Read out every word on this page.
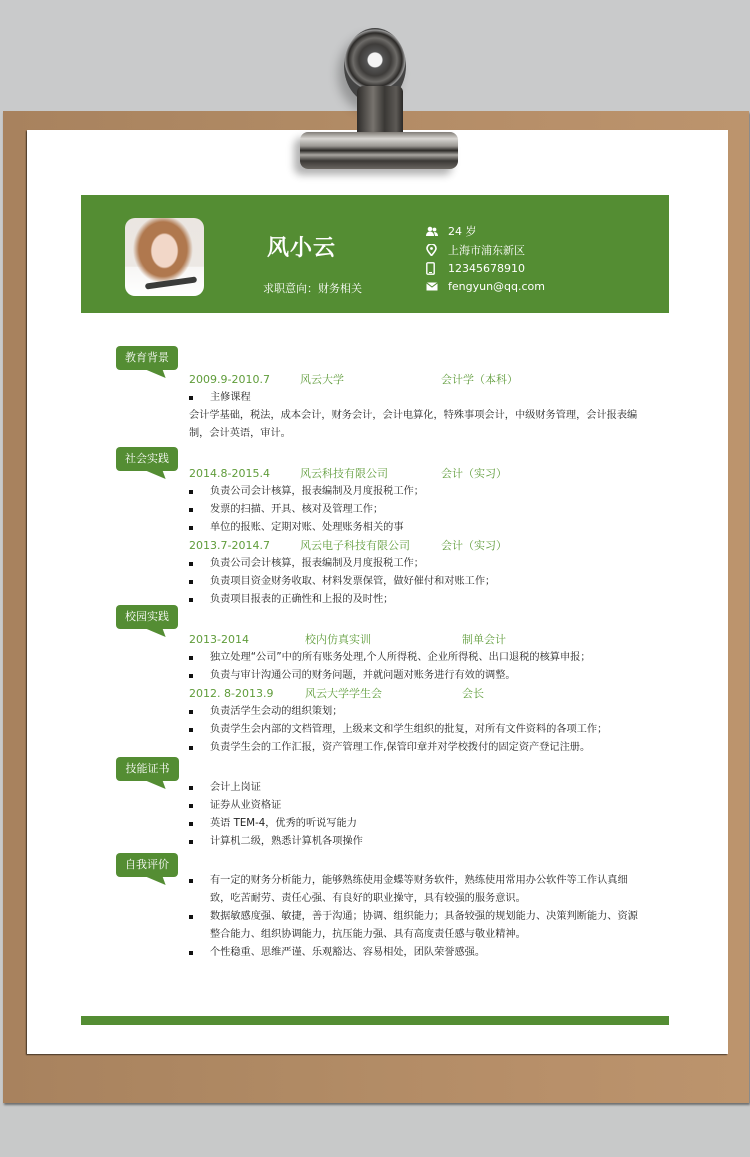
风小云
求职意向：财务相关
24 岁
上海市浦东新区
12345678910
fengyun@qq.com
教育背景
2009.9-2010.7	风云大学	会计学（本科）
主修课程
会计学基础，税法，成本会计，财务会计，会计电算化，特殊事项会计，中级财务管理，会计报表编制，会计英语，审计。
社会实践
2014.8-2015.4	风云科技有限公司	会计（实习）
负责公司会计核算，报表编制及月度报税工作；
发票的扫描、开具、核对及管理工作；
单位的报账、定期对账、处理账务相关的事
2013.7-2014.7	风云电子科技有限公司	会计（实习）
负责公司会计核算，报表编制及月度报税工作；
负责项目资金财务收取、材料发票保管，做好催付和对账工作；
负责项目报表的正确性和上报的及时性；
校园实践
2013-2014	校内仿真实训	制单会计
独立处理“公司”中的所有账务处理,个人所得税、企业所得税、出口退税的核算申报；
负责与审计沟通公司的财务问题，并就问题对账务进行有效的调整。
2012. 8-2013.9	风云大学学生会	会长
负责活学生会动的组织策划；
负责学生会内部的文档管理，上级来文和学生组织的批复，对所有文件资料的各项工作；
负责学生会的工作汇报，资产管理工作,保管印章并对学校拨付的固定资产登记注册。
技能证书
会计上岗证
证券从业资格证
英语 TEM-4，优秀的听说写能力
计算机二级，熟悉计算机各项操作
自我评价
有一定的财务分析能力，能够熟练使用金蝶等财务软件，熟练使用常用办公软件等工作认真细致，吃苦耐劳、责任心强、有良好的职业操守，具有较强的服务意识。
数据敏感度强、敏捷，善于沟通；协调、组织能力；具备较强的规划能力、决策判断能力、资源整合能力、组织协调能力，抗压能力强、具有高度责任感与敬业精神。
个性稳重、思维严谨、乐观豁达、容易相处，团队荣誉感强。
